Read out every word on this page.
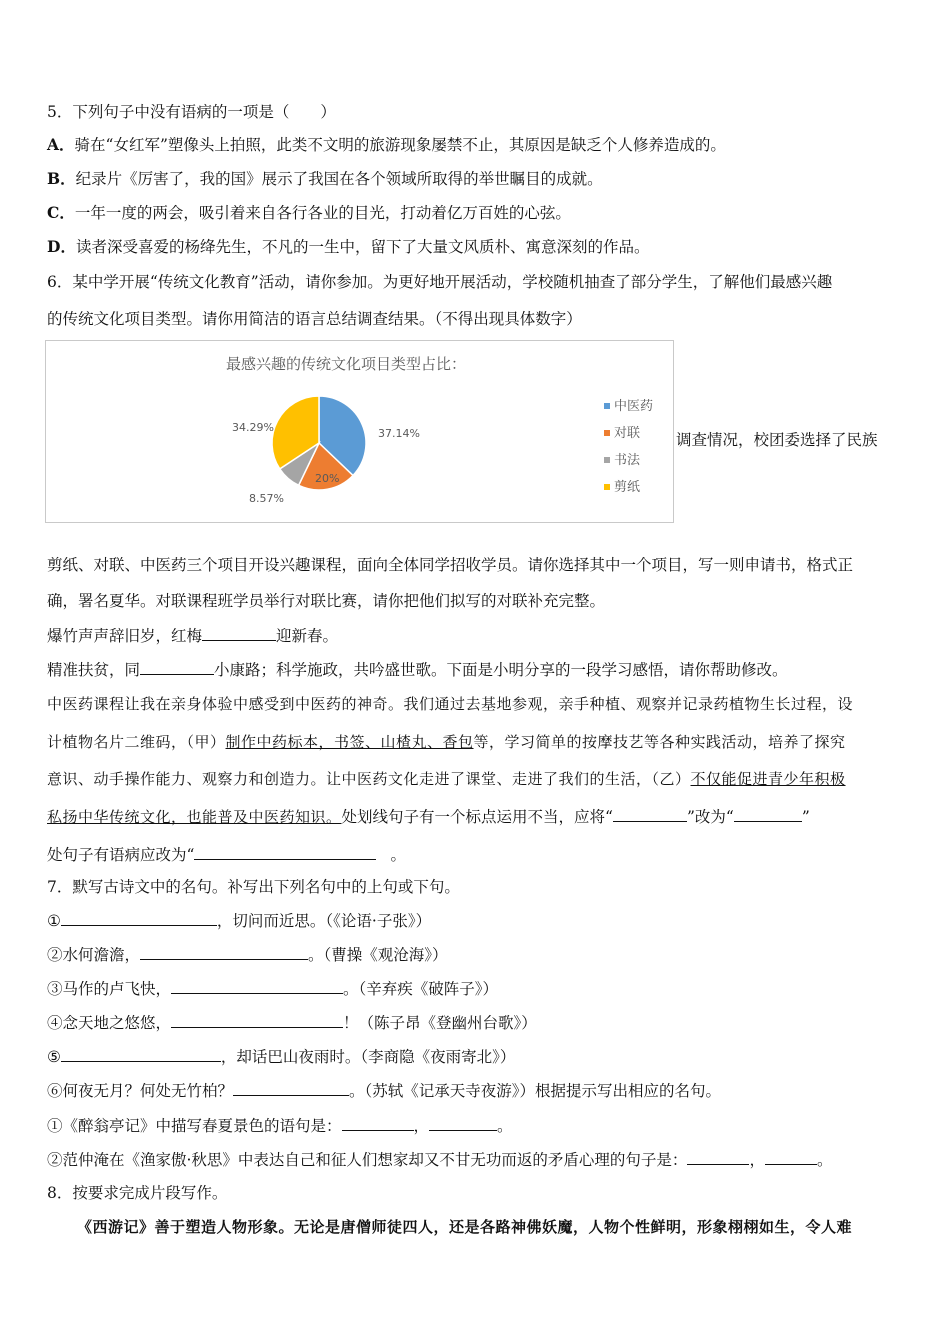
5．下列句子中没有语病的一项是（　　）
A．骑在“女红军”塑像头上拍照，此类不文明的旅游现象屡禁不止，其原因是缺乏个人修养造成的。
B．纪录片《厉害了，我的国》展示了我国在各个领域所取得的举世瞩目的成就。
C．一年一度的两会，吸引着来自各行各业的目光，打动着亿万百姓的心弦。
D．读者深受喜爱的杨绛先生，不凡的一生中，留下了大量文风质朴、寓意深刻的作品。
6．某中学开展“传统文化教育”活动，请你参加。为更好地开展活动，学校随机抽查了部分学生，了解他们最感兴趣
的传统文化项目类型。请你用简洁的语言总结调查结果。（不得出现具体数字）
最感兴趣的传统文化项目类型占比：
37.14%
20%
8.57%
34.29%
中医药
对联
书法
剪纸
调查情况，校团委选择了民族
剪纸、对联、中医药三个项目开设兴趣课程，面向全体同学招收学员。请你选择其中一个项目，写一则申请书，格式正
确，署名夏华。对联课程班学员举行对联比赛，请你把他们拟写的对联补充完整。
爆竹声声辞旧岁，红梅	迎新春。
精准扶贫，同	小康路；科学施政，共吟盛世歌。下面是小明分享的一段学习感悟，请你帮助修改。
中医药课程让我在亲身体验中感受到中医药的神奇。我们通过去基地参观，亲手种植、观察并记录药植物生长过程，设
计植物名片二维码，（甲）制作中药标本，书签、山楂丸、香包等，学习简单的按摩技艺等各种实践活动，培养了探究
意识、动手操作能力、观察力和创造力。让中医药文化走进了课堂、走进了我们的生活，（乙）不仅能促进青少年积极
私扬中华传统文化，也能普及中医药知识。处划线句子有一个标点运用不当，应将“	”改为“	”
处句子有语病应改为“	。
7．默写古诗文中的名句。补写出下列名句中的上句或下句。
①	，切问而近思。（《论语·子张》）
②水何澹澹，	。（曹操《观沧海》）
③马作的卢飞快，	。（辛弃疾《破阵子》）
④念天地之悠悠，	！（陈子昂《登幽州台歌》）
⑤	，却话巴山夜雨时。（李商隐《夜雨寄北》）
⑥何夜无月？何处无竹柏？	。（苏轼《记承天寺夜游》）根据提示写出相应的名句。
①《醉翁亭记》中描写春夏景色的语句是：	，	。
②范仲淹在《渔家傲·秋思》中表达自己和征人们想家却又不甘无功而返的矛盾心理的句子是：	，	。
8．按要求完成片段写作。
《西游记》善于塑造人物形象。无论是唐僧师徒四人，还是各路神佛妖魔，人物个性鲜明，形象栩栩如生，令人难
